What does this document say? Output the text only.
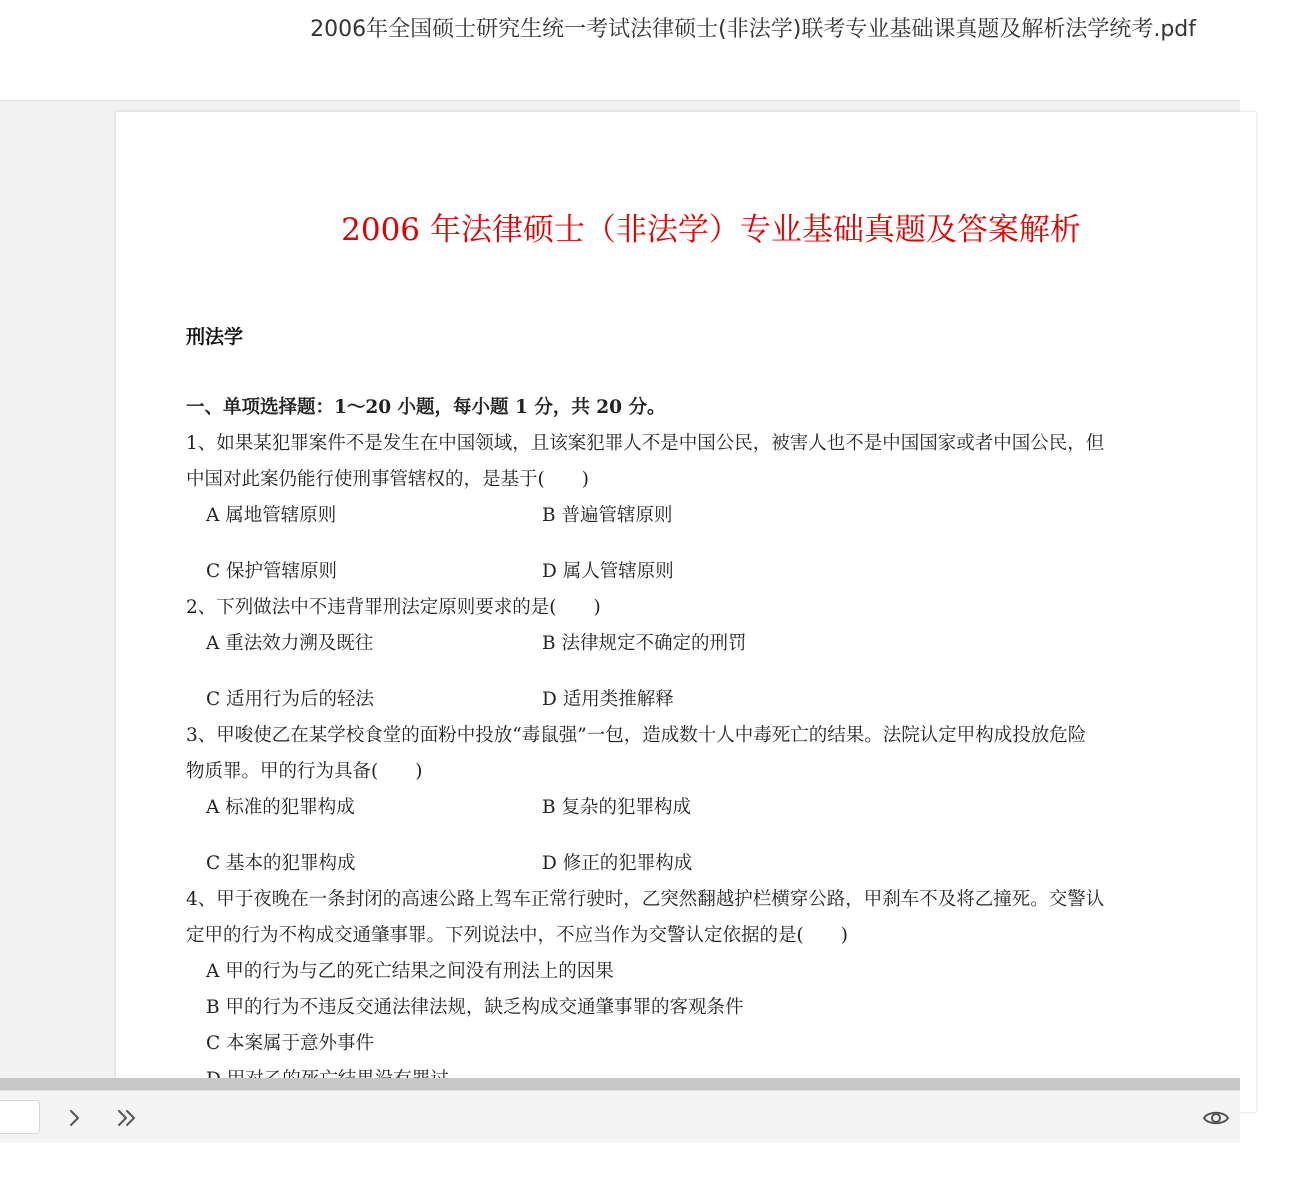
2006年全国硕士研究生统一考试法律硕士(非法学)联考专业基础课真题及解析法学统考.pdf
2006 年法律硕士（非法学）专业基础真题及答案解析
刑法学
一、单项选择题：1～20 小题，每小题 1 分，共 20 分。
1、如果某犯罪案件不是发生在中国领域，且该案犯罪人不是中国公民，被害人也不是中国国家或者中国公民，但
中国对此案仍能行使刑事管辖权的，是基于(　　)
A 属地管辖原则	B 普遍管辖原则
C 保护管辖原则	D 属人管辖原则
2、下列做法中不违背罪刑法定原则要求的是(　　)
A 重法效力溯及既往	B 法律规定不确定的刑罚
C 适用行为后的轻法	D 适用类推解释
3、甲唆使乙在某学校食堂的面粉中投放“毒鼠强”一包，造成数十人中毒死亡的结果。法院认定甲构成投放危险
物质罪。甲的行为具备(　　)
A 标准的犯罪构成	B 复杂的犯罪构成
C 基本的犯罪构成	D 修正的犯罪构成
4、甲于夜晚在一条封闭的高速公路上驾车正常行驶时，乙突然翻越护栏横穿公路，甲刹车不及将乙撞死。交警认
定甲的行为不构成交通肇事罪。下列说法中，不应当作为交警认定依据的是(　　)
A 甲的行为与乙的死亡结果之间没有刑法上的因果
B 甲的行为不违反交通法律法规，缺乏构成交通肇事罪的客观条件
C 本案属于意外事件
